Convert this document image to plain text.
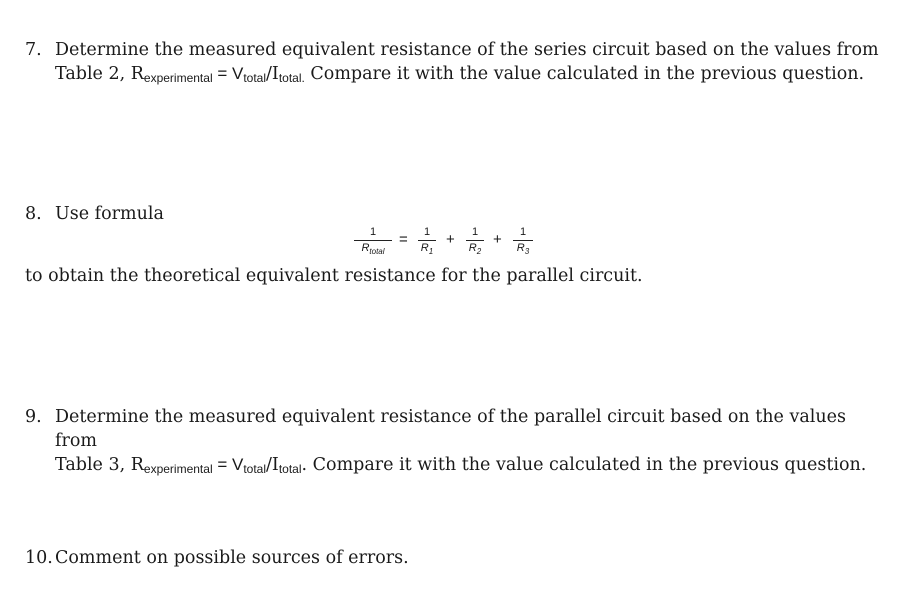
7. Determine the measured equivalent resistance of the series circuit based on the values from
Table 2, Rexperimental = Vtotal/Itotal. Compare it with the value calculated in the previous question.
8. Use formula
1
$R_{total}$
= $\frac{1}{R_1} + \frac{1}{R_2} + \frac{1}{R_3}$
to obtain the theoretical equivalent resistance for the parallel circuit.
9. Determine the measured equivalent resistance of the parallel circuit based on the values from
Table 3, Rexperimental = Vtotal/Itotal. Compare it with the value calculated in the previous question.
10. Comment on possible sources of errors.
